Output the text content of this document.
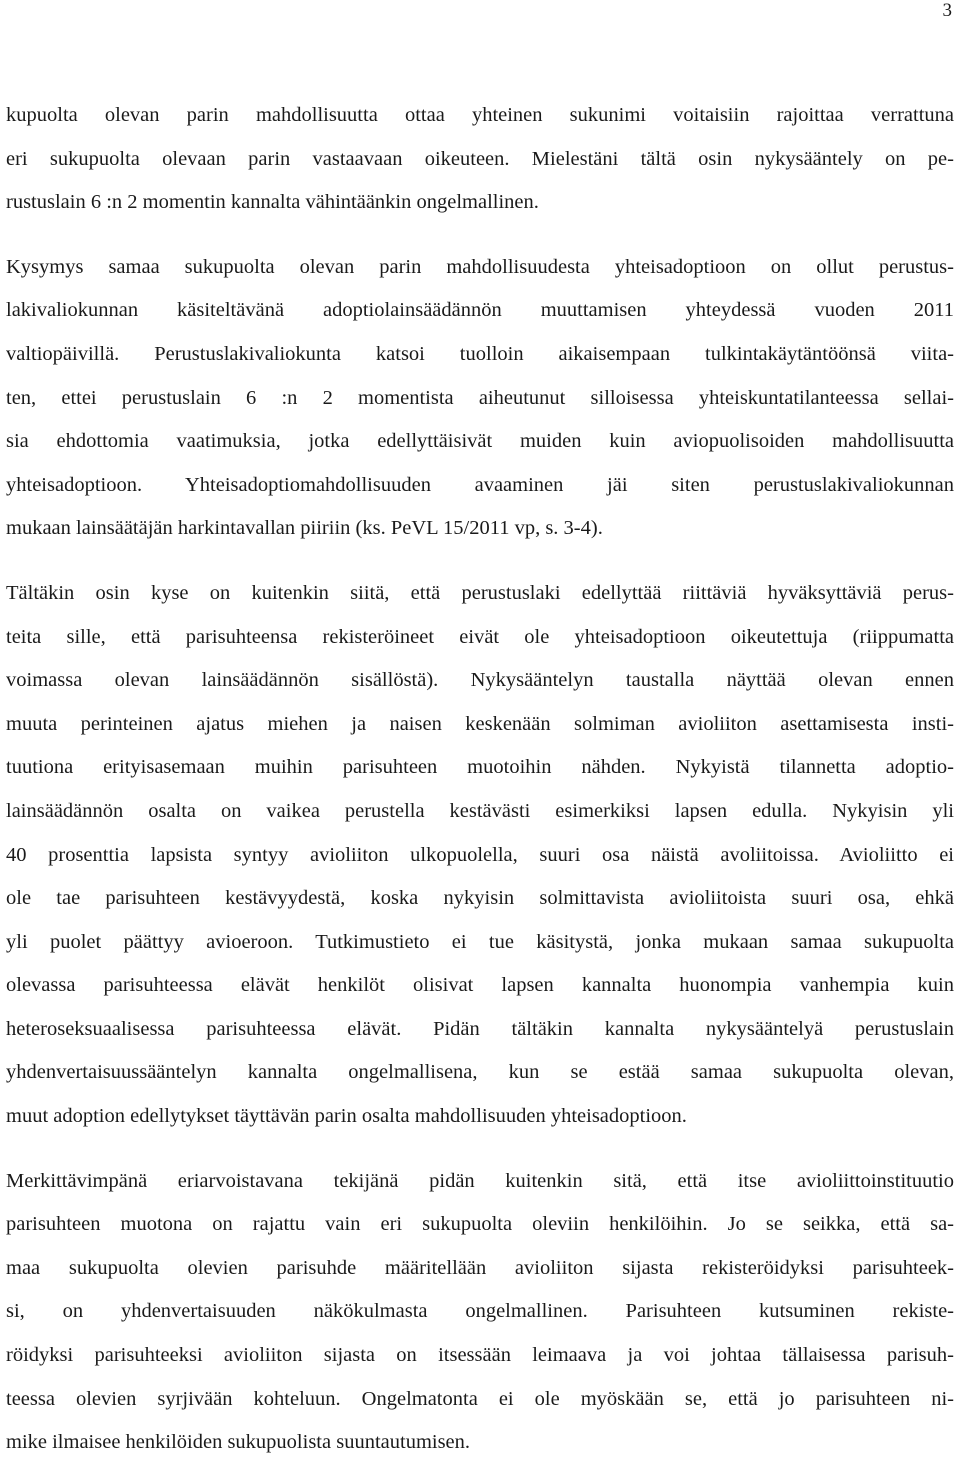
3

kupuolta olevan parin mahdollisuutta ottaa yhteinen sukunimi voitaisiin rajoittaa verrattuna
eri sukupuolta olevaan parin vastaavaan oikeuteen. Mielestäni tältä osin nykysääntely on pe-
rustuslain 6 :n 2 momentin kannalta vähintäänkin ongelmallinen.

Kysymys samaa sukupuolta olevan parin mahdollisuudesta yhteisadoptioon on ollut perustus-
lakivaliokunnan käsiteltävänä adoptiolainsäädännön muuttamisen yhteydessä vuoden 2011
valtiopäivillä. Perustuslakivaliokunta katsoi tuolloin aikaisempaan tulkintakäytäntöönsä viita-
ten, ettei perustuslain 6 :n 2 momentista aiheutunut silloisessa yhteiskuntatilanteessa sellai-
sia ehdottomia vaatimuksia, jotka edellyttäisivät muiden kuin aviopuolisoiden mahdollisuutta
yhteisadoptioon. Yhteisadoptiomahdollisuuden avaaminen jäi siten perustuslakivaliokunnan
mukaan lainsäätäjän harkintavallan piiriin (ks. PeVL 15/2011 vp, s. 3-4).

Tältäkin osin kyse on kuitenkin siitä, että perustuslaki edellyttää riittäviä hyväksyttäviä perus-
teita sille, että parisuhteensa rekisteröineet eivät ole yhteisadoptioon oikeutettuja (riippumatta
voimassa olevan lainsäädännön sisällöstä). Nykysääntelyn taustalla näyttää olevan ennen
muuta perinteinen ajatus miehen ja naisen keskenään solmiman avioliiton asettamisesta insti-
tuutiona erityisasemaan muihin parisuhteen muotoihin nähden. Nykyistä tilannetta adoptio-
lainsäädännön osalta on vaikea perustella kestävästi esimerkiksi lapsen edulla. Nykyisin yli
40 prosenttia lapsista syntyy avioliiton ulkopuolella, suuri osa näistä avoliitoissa. Avioliitto ei
ole tae parisuhteen kestävyydestä, koska nykyisin solmittavista avioliitoista suuri osa, ehkä
yli puolet päättyy avioeroon. Tutkimustieto ei tue käsitystä, jonka mukaan samaa sukupuolta
olevassa parisuhteessa elävät henkilöt olisivat lapsen kannalta huonompia vanhempia kuin
heteroseksuaalisessa parisuhteessa elävät. Pidän tältäkin kannalta nykysääntelyä perustuslain
yhdenvertaisuussääntelyn kannalta ongelmallisena, kun se estää samaa sukupuolta olevan,
muut adoption edellytykset täyttävän parin osalta mahdollisuuden yhteisadoptioon.

Merkittävimpänä eriarvoistavana tekijänä pidän kuitenkin sitä, että itse avioliittoinstituutio
parisuhteen muotona on rajattu vain eri sukupuolta oleviin henkilöihin. Jo se seikka, että sa-
maa sukupuolta olevien parisuhde määritellään avioliiton sijasta rekisteröidyksi parisuhteek-
si, on yhdenvertaisuuden näkökulmasta ongelmallinen. Parisuhteen kutsuminen rekiste-
röidyksi parisuhteeksi avioliiton sijasta on itsessään leimaava ja voi johtaa tällaisessa parisuh-
teessa olevien syrjivään kohteluun. Ongelmatonta ei ole myöskään se, että jo parisuhteen ni-
mike ilmaisee henkilöiden sukupuolista suuntautumisen.
